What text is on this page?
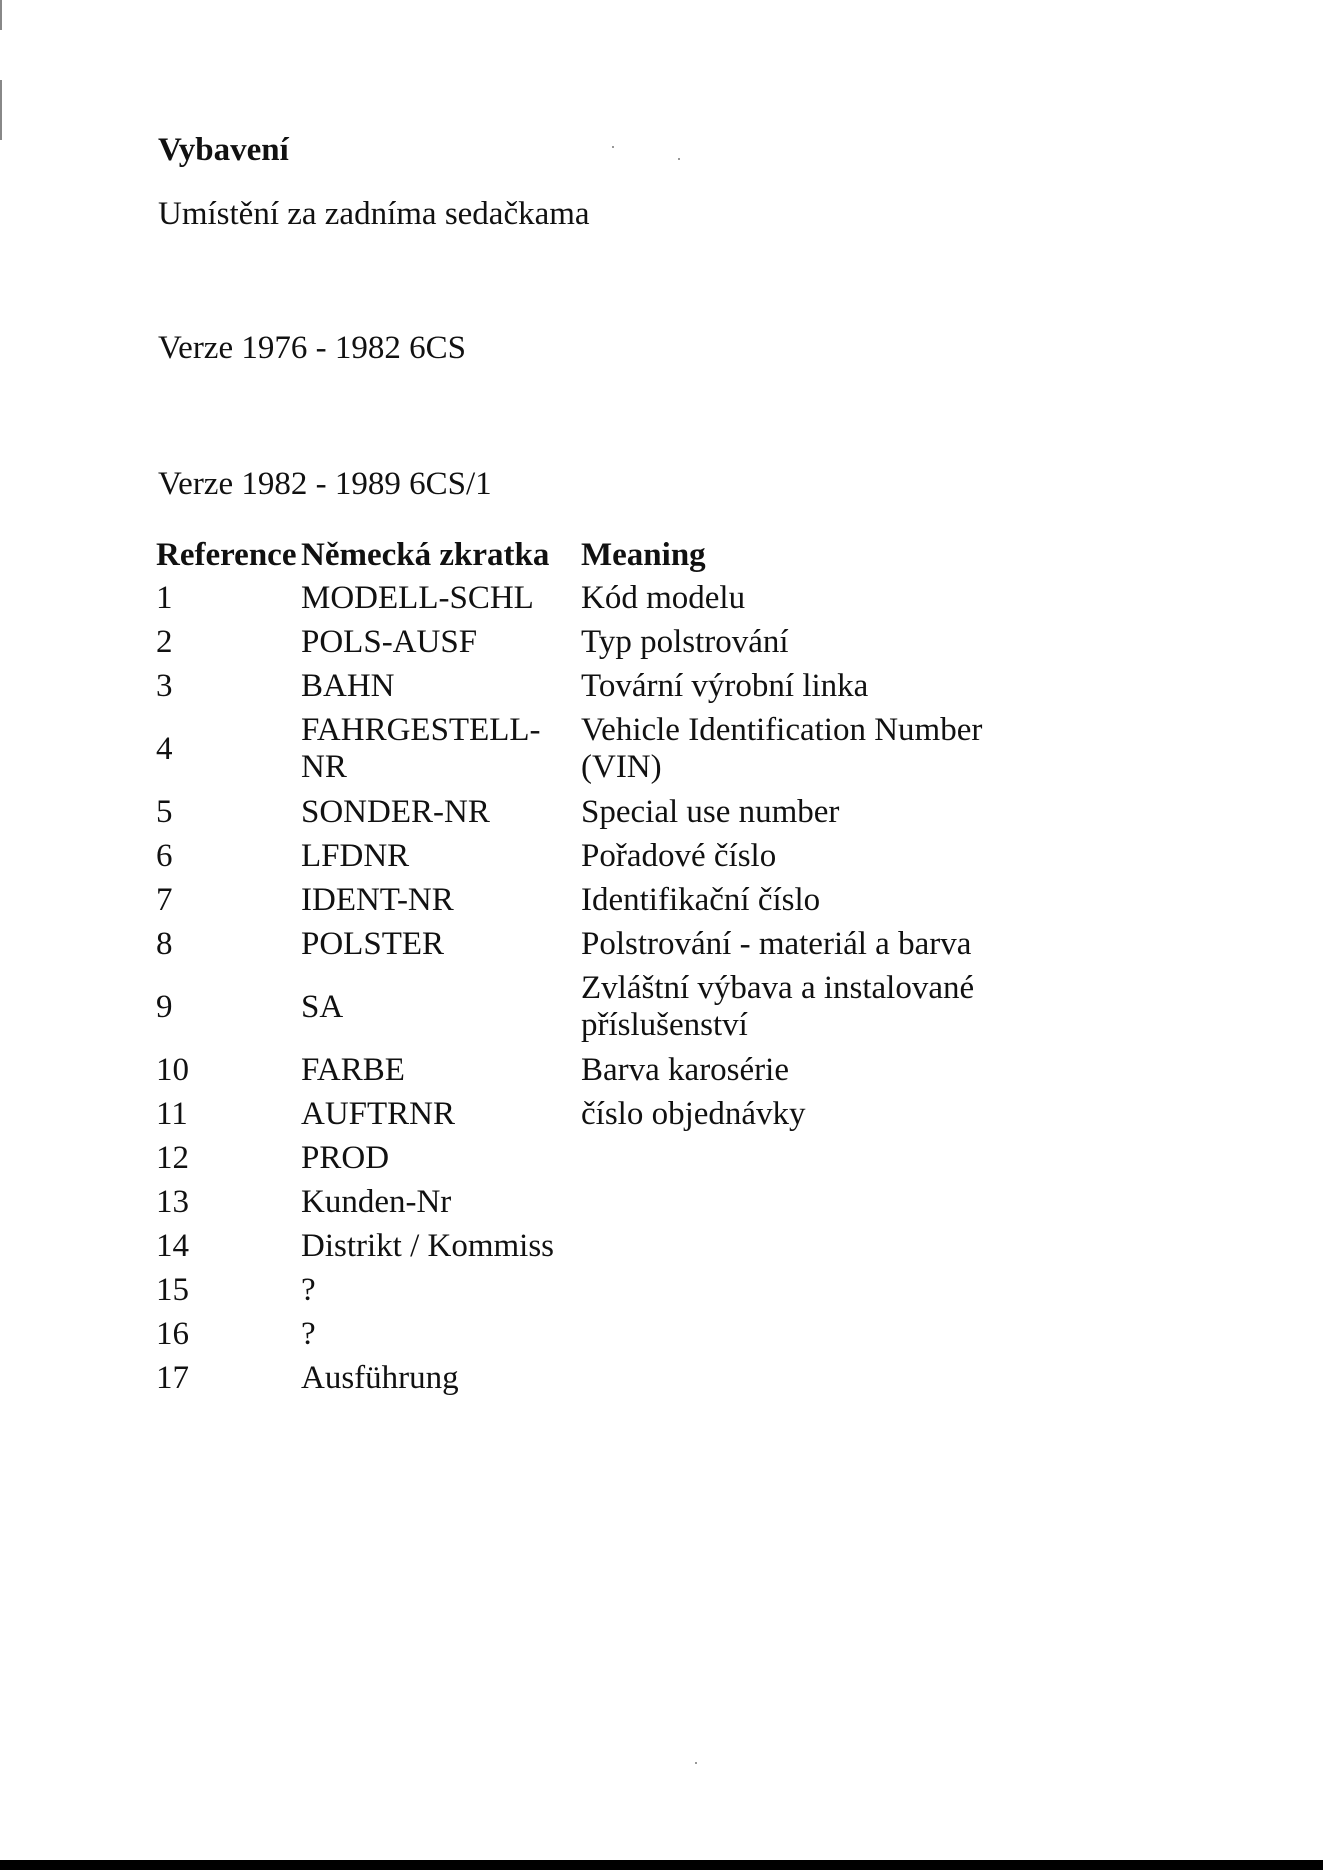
Vybavení

Umístění za zadníma sedačkama

Verze 1976 - 1982 6CS

Verze 1982 - 1989 6CS/1

Reference	Německá zkratka	Meaning
1	MODELL-SCHL	Kód modelu
2	POLS-AUSF	Typ polstrování
3	BAHN	Tovární výrobní linka
4	FAHRGESTELL-NR	Vehicle Identification Number
(VIN)

5	SONDER-NR	Special use number
6	LFDNR	Pořadové číslo
7	IDENT-NR	Identifikační číslo
8	POLSTER	Polstrování - materiál a barva
9	SA	Zvláštní výbava a instalované
příslušenství

10	FARBE	Barva karosérie
11	AUFTRNR	číslo objednávky
12	PROD	
13	Kunden-Nr	
14	Distrikt / Kommiss	
15	?	
16	?	
17	Ausführung	
